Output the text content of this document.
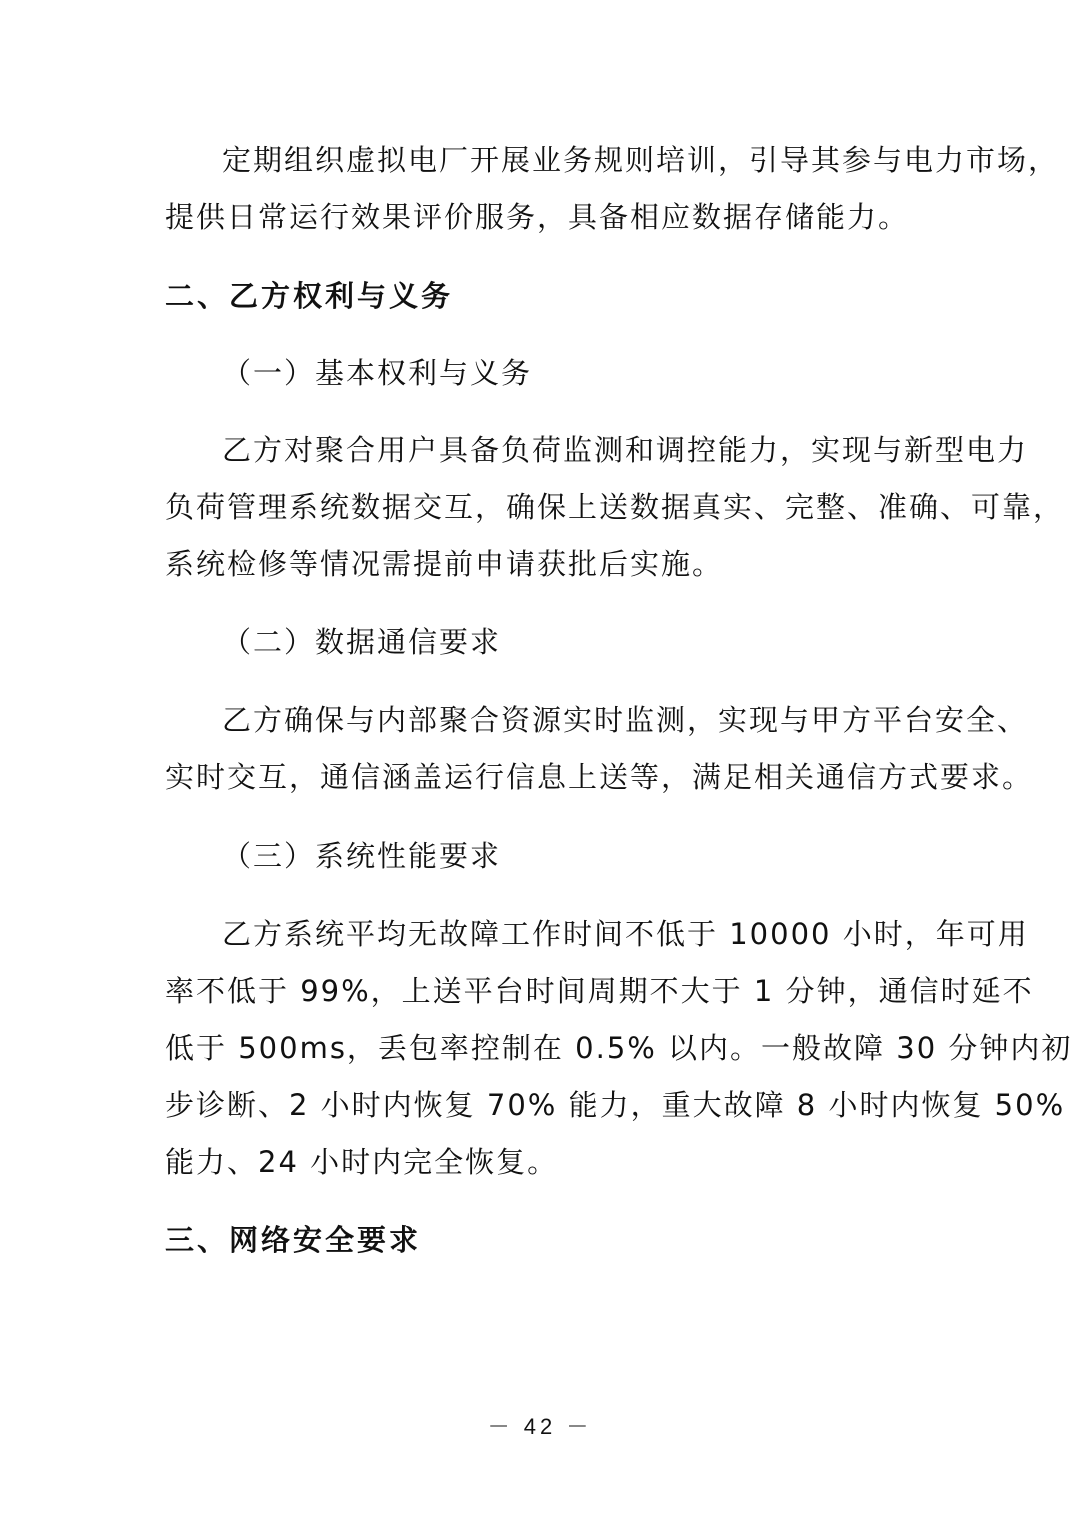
定期组织虚拟电厂开展业务规则培训，引导其参与电力市场，
提供日常运行效果评价服务，具备相应数据存储能力。
二、乙方权利与义务
（一）基本权利与义务
乙方对聚合用户具备负荷监测和调控能力，实现与新型电力
负荷管理系统数据交互，确保上送数据真实、完整、准确、可靠，
系统检修等情况需提前申请获批后实施。
（二）数据通信要求
乙方确保与内部聚合资源实时监测，实现与甲方平台安全、
实时交互，通信涵盖运行信息上送等，满足相关通信方式要求。
（三）系统性能要求
乙方系统平均无故障工作时间不低于 10000 小时，年可用
率不低于 99%，上送平台时间周期不大于 1 分钟，通信时延不
低于 500ms，丢包率控制在 0.5% 以内。一般故障 30 分钟内初
步诊断、2 小时内恢复 70% 能力，重大故障 8 小时内恢复 50%
能力、24 小时内完全恢复。
三、网络安全要求
－ 42 －
